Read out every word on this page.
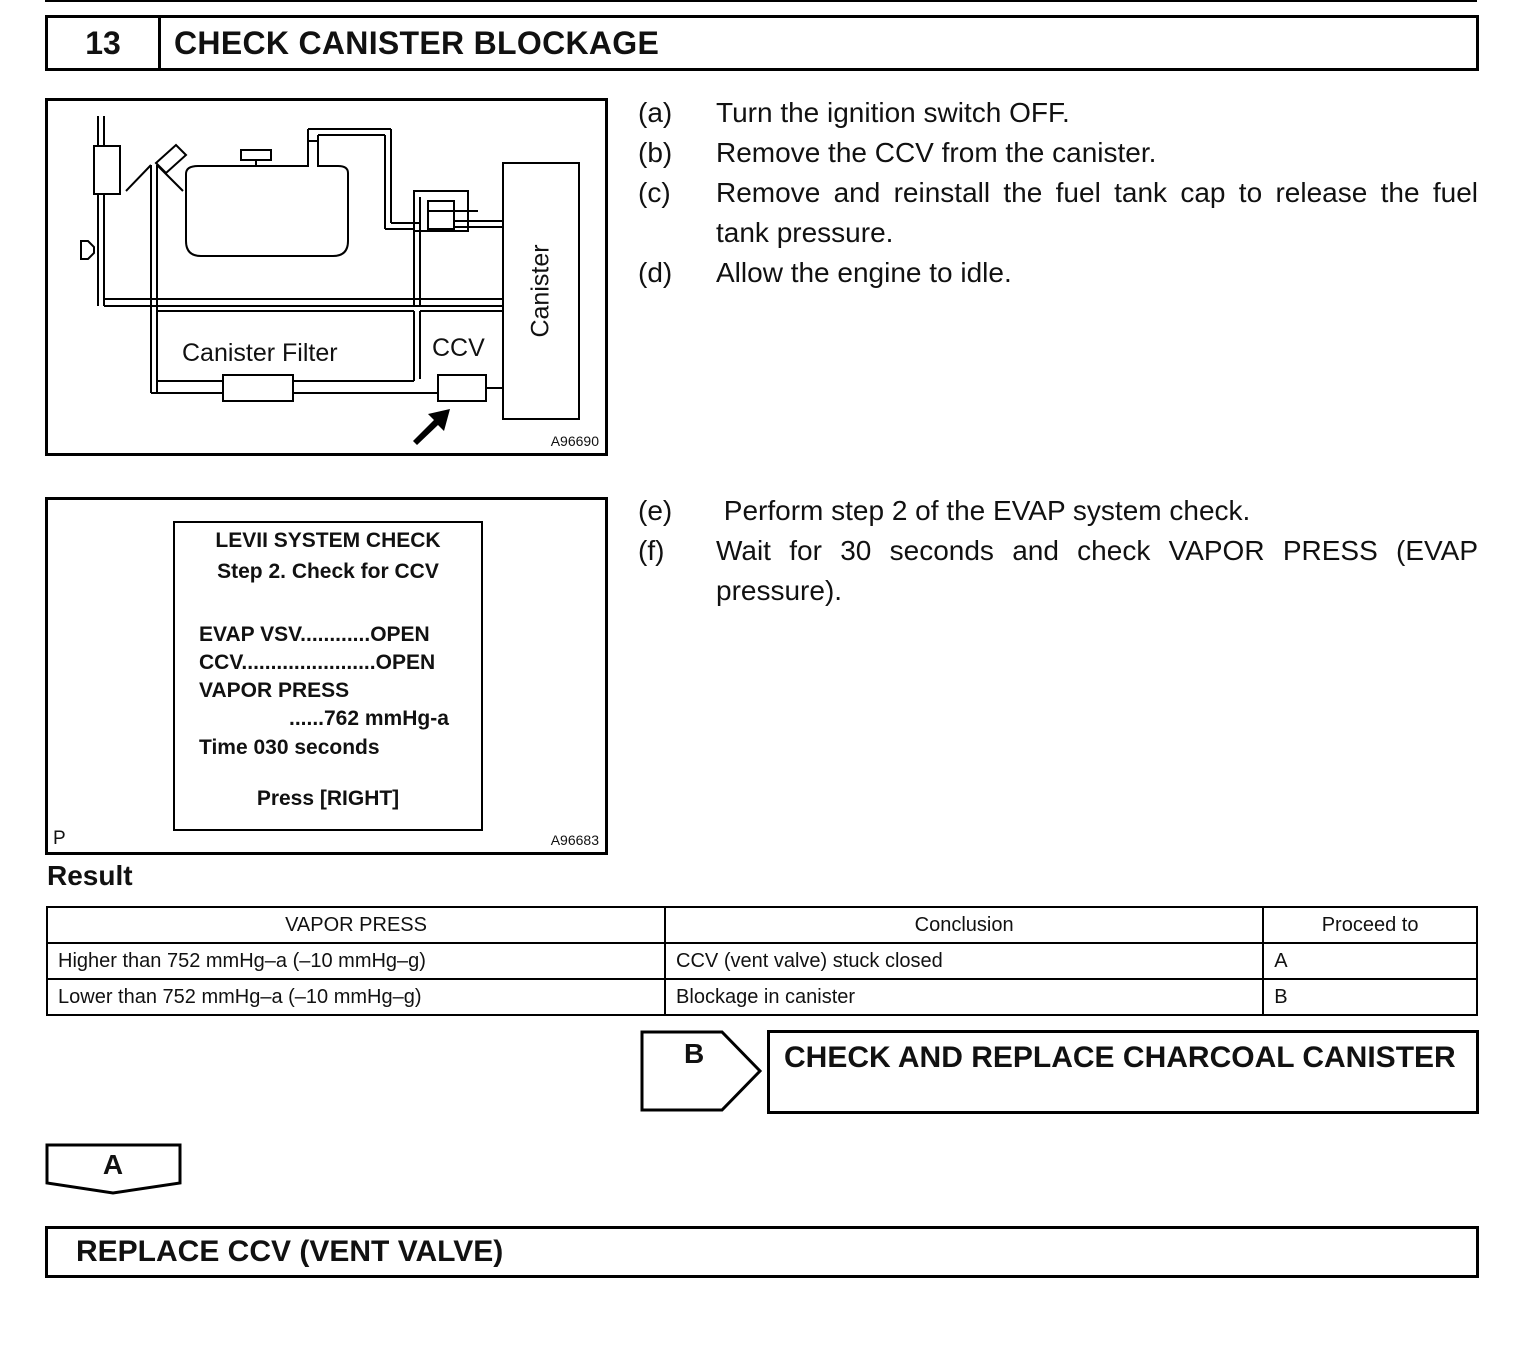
13	CHECK CANISTER BLOCKAGE
Canister Filter	CCV
Canister
A96690
(a)	Turn the ignition switch OFF.
(b)	Remove the CCV from the canister.
(c)	Remove and reinstall the fuel tank cap to release the fuel
tank pressure.
(d)	Allow the engine to idle.
LEVII SYSTEM CHECK
Step 2. Check for CCV
EVAP VSV............OPEN
CCV.......................OPEN
VAPOR PRESS
......762 mmHg-a
Time 030 seconds
Press [RIGHT]
P	A96683
(e)	Perform step 2 of the EVAP system check.
(f)	Wait for 30 seconds and check VAPOR PRESS (EVAP
pressure).
Result
VAPOR PRESS	Conclusion	Proceed to
Higher than 752 mmHg–a (–10 mmHg–g)	CCV (vent valve) stuck closed	A
Lower than 752 mmHg–a (–10 mmHg–g)	Blockage in canister	B
B	CHECK AND REPLACE CHARCOAL CANISTER
A
REPLACE CCV (VENT VALVE)
